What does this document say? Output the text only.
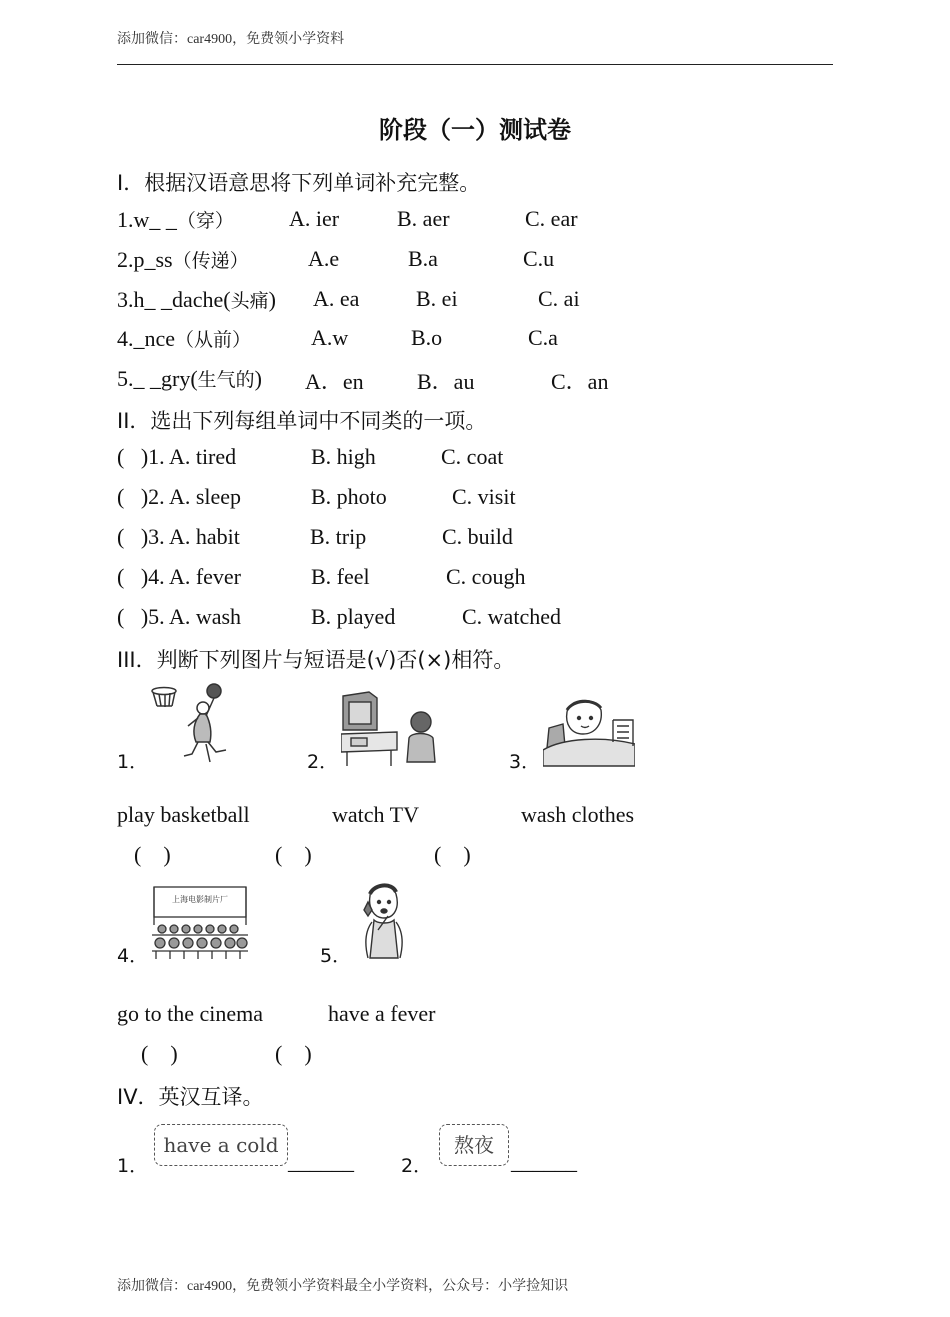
添加微信：car4900，免费领小学资料
阶段（一）测试卷
I．根据汉语意思将下列单词补充完整。
1.w_ _（穿）	A. ier	B. aer	C. ear
2.p_ss（传递）	A.e	B.a	C.u
3.h_ _dache(头痛) A. ea	B. ei	C. ai
4._nce（从前）	A.w	B.o	C.a
5._ _gry(生气的) A．en B．au	C．an
II．选出下列每组单词中不同类的一项。
(   )1. A. tired	B. high	C. coat
(   )2. A. sleep	B. photo	C. visit
(   )3. A. habit	B. trip	C. build
(   )4. A. fever	B. feel	C. cough
(   )5. A. wash	B. played	C. watched
III．判断下列图片与短语是(√)否(×)相符。
1．	2．	3．
play basketball	watch TV	wash clothes
(    )	(    )	(    )
4．
上海电影制片厂
5．
go to the cinema	have a fever
(    )	(    )
IV．英汉互译。
1．
have a cold
______ 2．
熬夜
______
添加微信：car4900，免费领小学资料最全小学资料，公众号：小学捡知识
